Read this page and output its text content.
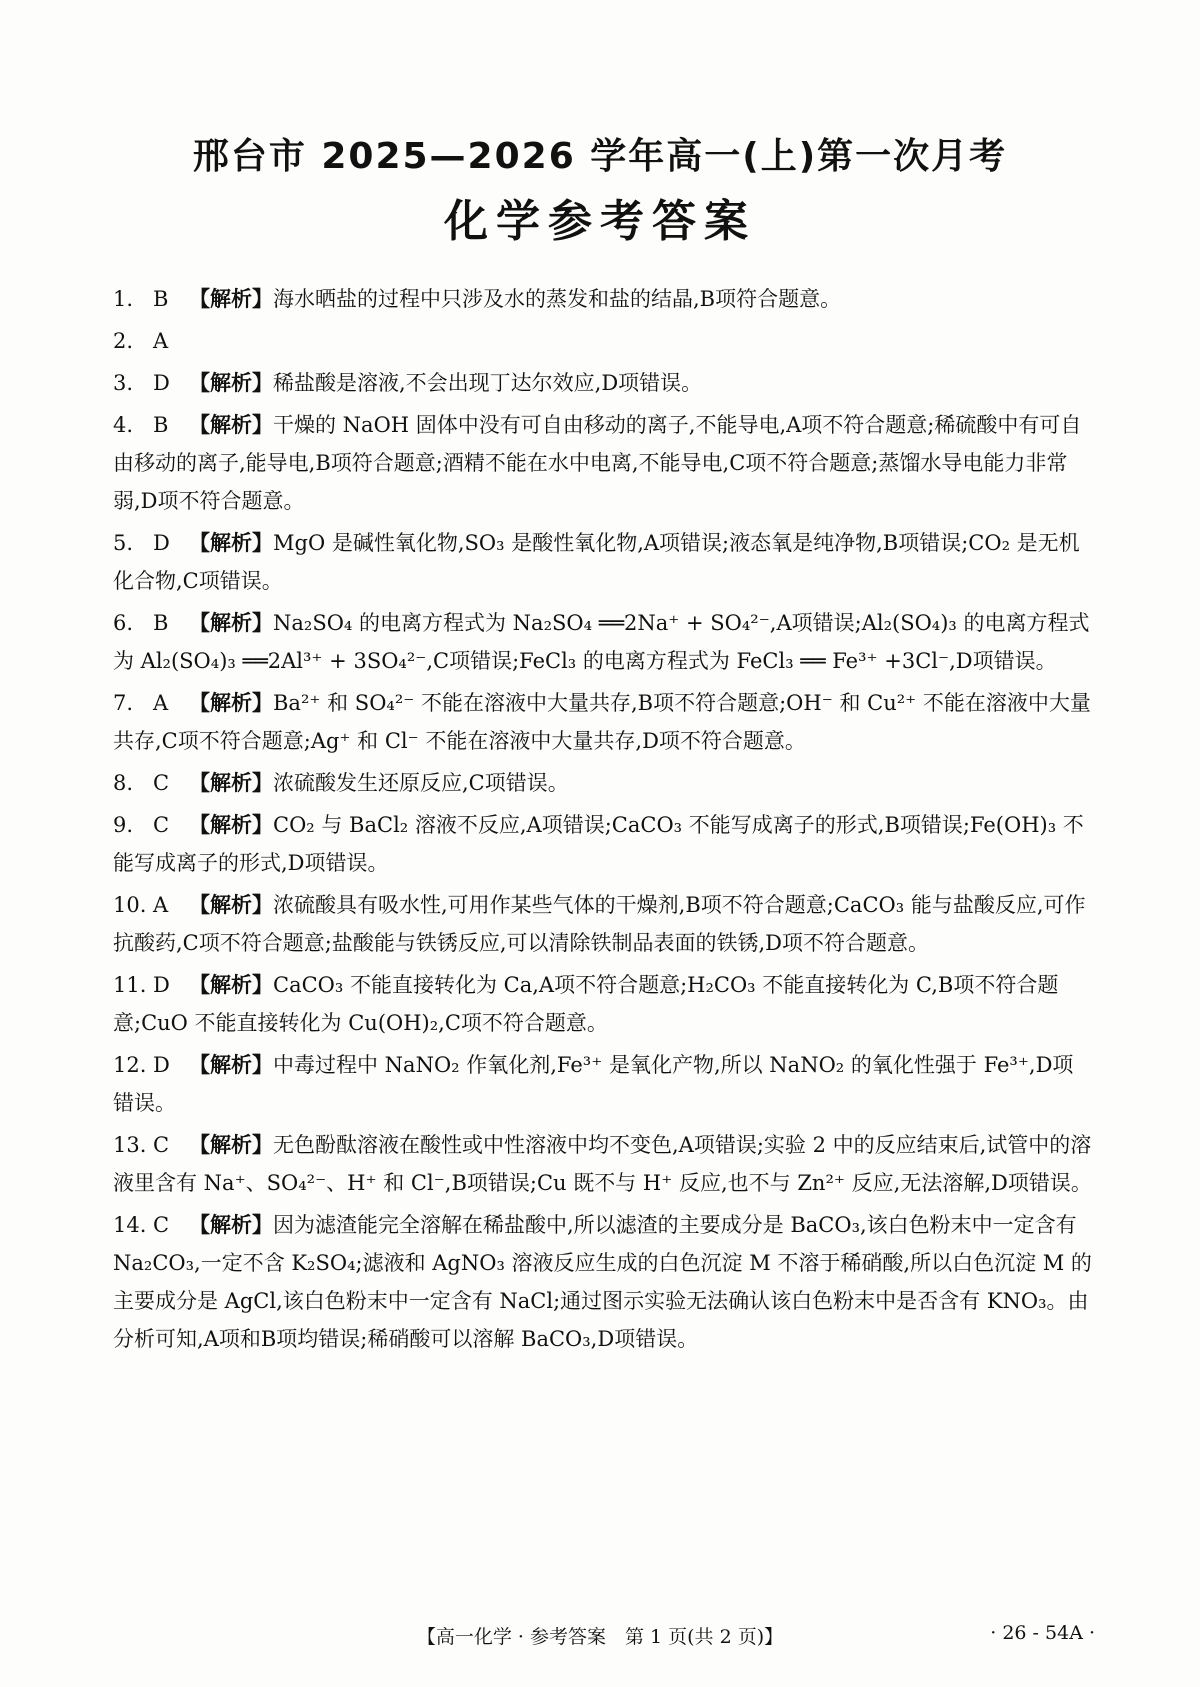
邢台市 2025—2026 学年高一(上)第一次月考
化学参考答案
1. B 【解析】海水晒盐的过程中只涉及水的蒸发和盐的结晶,B项符合题意。
2. A
3. D 【解析】稀盐酸是溶液,不会出现丁达尔效应,D项错误。
4. B 【解析】干燥的 NaOH 固体中没有可自由移动的离子,不能导电,A项不符合题意;稀硫酸中有可自由移动的离子,能导电,B项符合题意;酒精不能在水中电离,不能导电,C项不符合题意;蒸馏水导电能力非常弱,D项不符合题意。
5. D 【解析】MgO 是碱性氧化物,SO₃ 是酸性氧化物,A项错误;液态氧是纯净物,B项错误;CO₂ 是无机化合物,C项错误。
6. B 【解析】Na₂SO₄ 的电离方程式为 Na₂SO₄ ══2Na⁺ + SO₄²⁻,A项错误;Al₂(SO₄)₃ 的电离方程式为 Al₂(SO₄)₃ ══2Al³⁺ + 3SO₄²⁻,C项错误;FeCl₃ 的电离方程式为 FeCl₃ ══ Fe³⁺ +3Cl⁻,D项错误。
7. A 【解析】Ba²⁺ 和 SO₄²⁻ 不能在溶液中大量共存,B项不符合题意;OH⁻ 和 Cu²⁺ 不能在溶液中大量共存,C项不符合题意;Ag⁺ 和 Cl⁻ 不能在溶液中大量共存,D项不符合题意。
8. C 【解析】浓硫酸发生还原反应,C项错误。
9. C 【解析】CO₂ 与 BaCl₂ 溶液不反应,A项错误;CaCO₃ 不能写成离子的形式,B项错误;Fe(OH)₃ 不能写成离子的形式,D项错误。
10. A 【解析】浓硫酸具有吸水性,可用作某些气体的干燥剂,B项不符合题意;CaCO₃ 能与盐酸反应,可作抗酸药,C项不符合题意;盐酸能与铁锈反应,可以清除铁制品表面的铁锈,D项不符合题意。
11. D 【解析】CaCO₃ 不能直接转化为 Ca,A项不符合题意;H₂CO₃ 不能直接转化为 C,B项不符合题意;CuO 不能直接转化为 Cu(OH)₂,C项不符合题意。
12. D 【解析】中毒过程中 NaNO₂ 作氧化剂,Fe³⁺ 是氧化产物,所以 NaNO₂ 的氧化性强于 Fe³⁺,D项错误。
13. C 【解析】无色酚酞溶液在酸性或中性溶液中均不变色,A项错误;实验 2 中的反应结束后,试管中的溶液里含有 Na⁺、SO₄²⁻、H⁺ 和 Cl⁻,B项错误;Cu 既不与 H⁺ 反应,也不与 Zn²⁺ 反应,无法溶解,D项错误。
14. C 【解析】因为滤渣能完全溶解在稀盐酸中,所以滤渣的主要成分是 BaCO₃,该白色粉末中一定含有 Na₂CO₃,一定不含 K₂SO₄;滤液和 AgNO₃ 溶液反应生成的白色沉淀 M 不溶于稀硝酸,所以白色沉淀 M 的主要成分是 AgCl,该白色粉末中一定含有 NaCl;通过图示实验无法确认该白色粉末中是否含有 KNO₃。由分析可知,A项和B项均错误;稀硝酸可以溶解 BaCO₃,D项错误。
【高一化学 · 参考答案　第 1 页(共 2 页)】	· 26 - 54A ·
